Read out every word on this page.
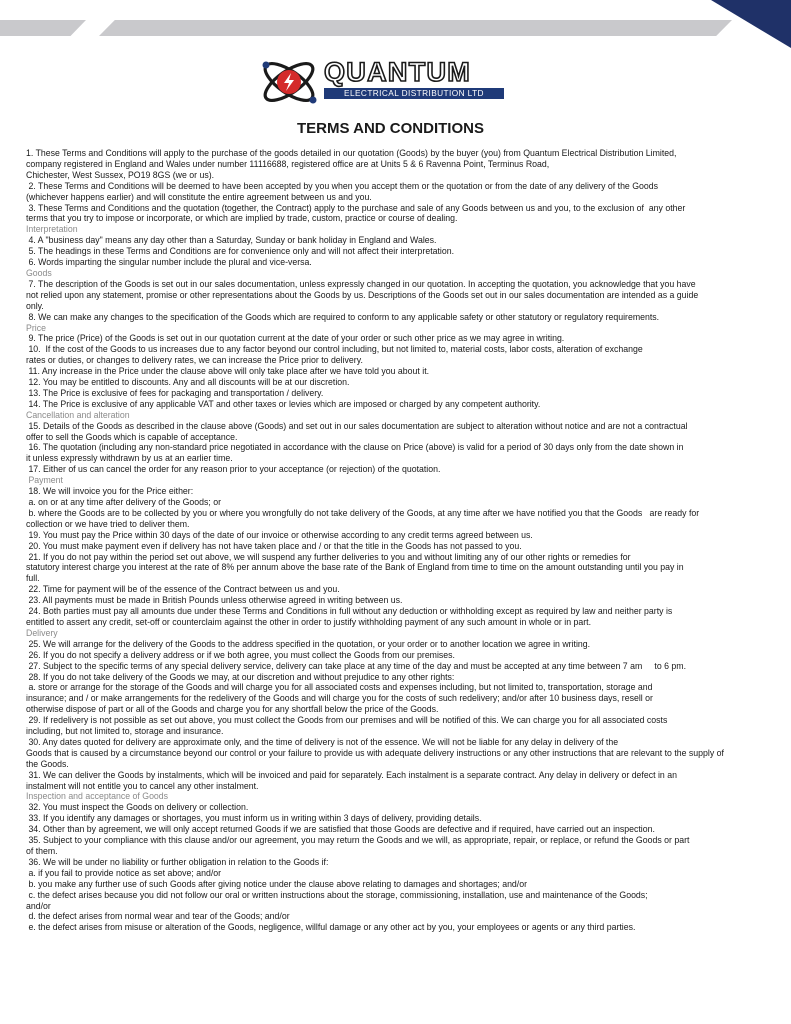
QUANTUM
ELECTRICAL DISTRIBUTION LTD
TERMS AND CONDITIONS

1. These Terms and Conditions will apply to the purchase of the goods detailed in our quotation (Goods) by the buyer (you) from Quantum Electrical Distribution Limited,

company registered in England and Wales under number 11116688, registered office are at Units 5 & 6 Ravenna Point, Terminus Road,

Chichester, West Sussex, PO19 8GS (we or us).

2. These Terms and Conditions will be deemed to have been accepted by you when you accept them or the quotation or from the date of any delivery of the Goods

(whichever happens earlier) and will constitute the entire agreement between us and you.

3. These Terms and Conditions and the quotation (together, the Contract) apply to the purchase and sale of any Goods between us and you, to the exclusion of  any other

terms that you try to impose or incorporate, or which are implied by trade, custom, practice or course of dealing.

Interpretation

4. A "business day" means any day other than a Saturday, Sunday or bank holiday in England and Wales.

5. The headings in these Terms and Conditions are for convenience only and will not affect their interpretation.

6. Words imparting the singular number include the plural and vice-versa.

Goods

7. The description of the Goods is set out in our sales documentation, unless expressly changed in our quotation. In accepting the quotation, you acknowledge that you have

not relied upon any statement, promise or other representations about the Goods by us. Descriptions of the Goods set out in our sales documentation are intended as a guide

only.

8. We can make any changes to the specification of the Goods which are required to conform to any applicable safety or other statutory or regulatory requirements.

Price

9. The price (Price) of the Goods is set out in our quotation current at the date of your order or such other price as we may agree in writing.

10.  If the cost of the Goods to us increases due to any factor beyond our control including, but not limited to, material costs, labor costs, alteration of exchange

rates or duties, or changes to delivery rates, we can increase the Price prior to delivery.

11. Any increase in the Price under the clause above will only take place after we have told you about it.

12. You may be entitled to discounts. Any and all discounts will be at our discretion.

13. The Price is exclusive of fees for packaging and transportation / delivery.

14. The Price is exclusive of any applicable VAT and other taxes or levies which are imposed or charged by any competent authority.

Cancellation and alteration

15. Details of the Goods as described in the clause above (Goods) and set out in our sales documentation are subject to alteration without notice and are not a contractual

offer to sell the Goods which is capable of acceptance.

16. The quotation (including any non-standard price negotiated in accordance with the clause on Price (above) is valid for a period of 30 days only from the date shown in

it unless expressly withdrawn by us at an earlier time.

17. Either of us can cancel the order for any reason prior to your acceptance (or rejection) of the quotation.

Payment

18. We will invoice you for the Price either:

a. on or at any time after delivery of the Goods; or

b. where the Goods are to be collected by you or where you wrongfully do not take delivery of the Goods, at any time after we have notified you that the Goods   are ready for

collection or we have tried to deliver them.

19. You must pay the Price within 30 days of the date of our invoice or otherwise according to any credit terms agreed between us.

20. You must make payment even if delivery has not have taken place and / or that the title in the Goods has not passed to you.

21. If you do not pay within the period set out above, we will suspend any further deliveries to you and without limiting any of our other rights or remedies for

statutory interest charge you interest at the rate of 8% per annum above the base rate of the Bank of England from time to time on the amount outstanding until you pay in

full.

22. Time for payment will be of the essence of the Contract between us and you.

23. All payments must be made in British Pounds unless otherwise agreed in writing between us.

24. Both parties must pay all amounts due under these Terms and Conditions in full without any deduction or withholding except as required by law and neither party is

entitled to assert any credit, set-off or counterclaim against the other in order to justify withholding payment of any such amount in whole or in part.

Delivery

25. We will arrange for the delivery of the Goods to the address specified in the quotation, or your order or to another location we agree in writing.

26. If you do not specify a delivery address or if we both agree, you must collect the Goods from our premises.

27. Subject to the specific terms of any special delivery service, delivery can take place at any time of the day and must be accepted at any time between 7 am     to 6 pm.

28. If you do not take delivery of the Goods we may, at our discretion and without prejudice to any other rights:

a. store or arrange for the storage of the Goods and will charge you for all associated costs and expenses including, but not limited to, transportation, storage and

insurance; and / or make arrangements for the redelivery of the Goods and will charge you for the costs of such redelivery; and/or after 10 business days, resell or

otherwise dispose of part or all of the Goods and charge you for any shortfall below the price of the Goods.

29. If redelivery is not possible as set out above, you must collect the Goods from our premises and will be notified of this. We can charge you for all associated costs

including, but not limited to, storage and insurance.

30. Any dates quoted for delivery are approximate only, and the time of delivery is not of the essence. We will not be liable for any delay in delivery of the

Goods that is caused by a circumstance beyond our control or your failure to provide us with adequate delivery instructions or any other instructions that are relevant to the supply of

the Goods.

31. We can deliver the Goods by instalments, which will be invoiced and paid for separately. Each instalment is a separate contract. Any delay in delivery or defect in an

instalment will not entitle you to cancel any other instalment.

Inspection and acceptance of Goods

32. You must inspect the Goods on delivery or collection.

33. If you identify any damages or shortages, you must inform us in writing within 3 days of delivery, providing details.

34. Other than by agreement, we will only accept returned Goods if we are satisfied that those Goods are defective and if required, have carried out an inspection.

35. Subject to your compliance with this clause and/or our agreement, you may return the Goods and we will, as appropriate, repair, or replace, or refund the Goods or part

of them.

36. We will be under no liability or further obligation in relation to the Goods if:

a. if you fail to provide notice as set above; and/or

b. you make any further use of such Goods after giving notice under the clause above relating to damages and shortages; and/or

c. the defect arises because you did not follow our oral or written instructions about the storage, commissioning, installation, use and maintenance of the Goods;

and/or

d. the defect arises from normal wear and tear of the Goods; and/or

e. the defect arises from misuse or alteration of the Goods, negligence, willful damage or any other act by you, your employees or agents or any third parties.
